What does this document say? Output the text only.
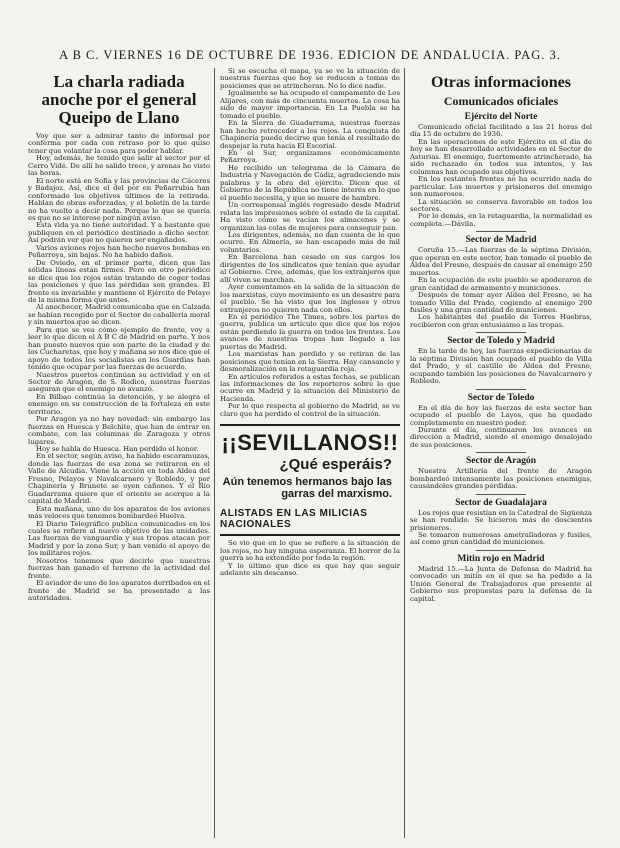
A B C. VIERNES 16 DE OCTUBRE DE 1936. EDICION DE ANDALUCIA. PAG. 3.
La charla radiada anoche por el general Queipo de Llano

Voy que ser a admirar tanto de informal por conferma por cada con retraso por lo que quiso tener que volantar la cosa para poder hablar.

Hoy, además, he tenido que salir al sector por el Cerro Vidé. De allí he salido trece, y arenas he visto las horas.

El norte está en Sofia y las provincias de Cáceres y Badajoz. Así, dice el del por en Peñarrubia han conformado los objetivos últimos de la retirada. Hablan de obras esforzadas, y el boletín de la tarde no ha vuelto a decir nada. Porque lo que se quería es que no se interese por ningún aviso.

Esta vida ya no tiene autoridad. Y a bastante que publiquen en el periódico destinado a dicho sector. Así podrán ver que no quieren ser engañados.

Varios aviones rojos han hecho nuevos bombas en Peñarroya, sin bajas. No ha habido daños.

De Oviedo, en el primer parte, dicen que las sólidas líneas están firmes. Pero en otro periódico se dice que los rojos están tratando de coger todas las posiciones y que las pérdidas son grandes. El frente es invariable y mantiene el Ejército de Pelayo de la misma forma que antes.

Al anochecer, Madrid comunicaba que en Calzada se habían recogido por el Sector de caballería moral y sin muertos que se dicen.

Para que se vea cómo ejemplo de frente, voy a leer lo que dicen el A B C de Madrid en parte. Y nos han puesto nuevos que son parte de la ciudad y de los Cucharetas, que hoy y mañana se nos dice que el apoyo de todos los socialistas en los Guardias han tenido que ocupar por las fuerzas de acuerdo.

Nuestros puertos continúan su actividad y en el Sector de Aragón, de S. Rodico, nuestras fuerzas aseguran que el enemigo no avanzó.

En Bilbao continúa la detención, y se alegra el enemigo en su construcción de la fortaleza en este territorio.

Por Aragón ya no hay novedad: sin embargo las fuerzas en Huesca y Belchite, que han de entrar en combate, con las columnas de Zaragoza y otros lugares.

Hoy se habla de Huesca. Han perdido el honor.

En el sector, según aviso, ha habido escaramuzas, donde las fuerzas de esa zona se retiraron en el Valle de Alcudia. Viene la acción en toda Aldea del Fresno, Pelayos y Navalcarnero y Robledo, y por Chapinería y Brunete se oyen cañones. Y el Río Guadarrama quiere que el oriente se acerque a la capital de Madrid.

Esta mañana, uno de los aparatos de los aviones más veloces que tenemos bombardeó Huelva.

El Diario Telegráfico publica comunicados en los cuales se refiere al nuevo objetivo de las unidades. Las fuerzas de vanguardia y sus tropas atacan por Madrid y por la zona Sur, y han venido el apoyo de los militares rojos.

Nosotros tenemos que decirle que nuestras fuerzas han ganado el terreno de la actividad del frente.

El aviador de uno de los aparatos derribados en el frente de Madrid se ha presentado a las autoridades.

Si se escucha el mapa, ya se ve la situación de nuestras fuerzas que hoy se reducen a tomas de posiciones que se atrincheran. No lo dice nadie.

Igualmente se ha ocupado el campamento de Los Alijares, con más de cincuenta muertos. La cosa ha sido de mayor importancia. En La Puebla se ha tomado el pueblo.

En la Sierra de Guadarrama, nuestras fuerzas han hecho retroceder a los rojos. La conquista de Chapinería puede decirse que tenía el resultado de despejar la ruta hacia El Escorial.

En el Sur, organizamos económicamente Peñarroya.

He recibido un telegrama de la Cámara de Industria y Navegación de Cádiz, agradeciendo mis palabras y la obra del ejército. Dicen que el Gobierno de la República no tiene interés en lo que el pueblo necesita, y que se muere de hambre.

Un corresponsal inglés regresado desde Madrid relata las impresiones sobre el estado de la capital. Ha visto cómo se vacían los almacenes y se organizan las colas de mujeres para conseguir pan.

Los dirigentes, además, no dan cuenta de lo que ocurre. En Almería, se han escapado más de mil voluntarios.

En Barcelona han cesado en sus cargos los dirigentes de los sindicatos que tenían que ayudar al Gobierno. Cree, además, que los extranjeros que allí viven se marchan.

Ayer comentamos en la salida de la situación de los marxistas, cuyo movimiento es un desastre para el pueblo. Se ha visto que los ingleses y otros extranjeros no quieren nada con ellos.

En el periódico The Times, sobre los partes de guerra, publica un artículo que dice que los rojos están perdiendo la guerra en todos los frentes. Los avances de nuestras tropas han llegado a las puertas de Madrid.

Los marxistas han perdido y se retiran de las posiciones que tenían en la Sierra. Hay cansancio y desmoralización en la retaguardia roja.

En artículos referidos a estas fechas, se publican las informaciones de los reporteros sobre lo que ocurre en Madrid y la situación del Ministerio de Hacienda.

Por lo que respecta al gobierno de Madrid, se ve claro que ha perdido el control de la situación.

¡¡SEVILLANOS!!
¿Qué esperáis?
Aún tenemos hermanos bajo las garras del marxismo.
ALISTADS EN LAS MILICIAS NACIONALES

Se vio que en lo que se refiere a la situación de los rojos, no hay ninguna esperanza. El horror de la guerra se ha extendido por toda la región.

Y lo último que dice es que hay que seguir adelante sin descanso.

Otras informaciones
Comunicados oficiales
Ejército del Norte

Comunicado oficial facilitado a las 21 horas del día 15 de octubre de 1936.

En las operaciones de este Ejército en el día de hoy se han desarrollado actividades en el Sector de Asturias. El enemigo, fuertemente atrincherado, ha sido rechazado en todos sus intentos, y las columnas han ocupado sus objetivos.

En los restantes frentes no ha ocurrido nada de particular. Los muertos y prisioneros del enemigo son numerosos.

La situación se conserva favorable en todos los sectores.

Por lo demás, en la retaguardia, la normalidad es completa.—Dávila.

Sector de Madrid

Coruña 15.—Las fuerzas de la séptima División, que operan en este sector, han tomado el pueblo de Aldea del Fresno, después de causar al enemigo 250 muertos.

En la ocupación de este pueblo se apoderaron de gran cantidad de armamento y municiones.

Después de tomar ayer Aldea del Fresno, se ha tomado Villa del Prado, cogiendo al enemigo 200 fusiles y una gran cantidad de municiones.

Los habitantes del pueblo de Torres Huebras, recibieron con gran entusiasmo a las tropas.

Sector de Toledo y Madrid

En la tarde de hoy, las fuerzas expedicionarias de la séptima División han ocupado el pueblo de Villa del Prado, y el castillo de Aldea del Fresno, ocupando también las posiciones de Navalcarnero y Robledo.

Sector de Toledo

En el día de hoy las fuerzas de este sector han ocupado el pueblo de Layos, que ha quedado completamente en nuestro poder.

Durante el día, continuaron los avances en dirección a Madrid, siendo el enemigo desalojado de sus posiciones.

Sector de Aragón

Nuestra Artillería del frente de Aragón bombardeó intensamente las posiciones enemigas, causándoles grandes pérdidas.

Sector de Guadalajara

Los rojos que resistían en la Catedral de Sigüenza se han rendido. Se hicieron más de doscientos prisioneros.

Se tomaron numerosas ametralladoras y fusiles, así como gran cantidad de municiones.

Mitin rojo en Madrid

Madrid 15.—La Junta de Defensa de Madrid ha convocado un mitin en el que se ha pedido a la Unión General de Trabajadores que presente al Gobierno sus propuestas para la defensa de la capital.
